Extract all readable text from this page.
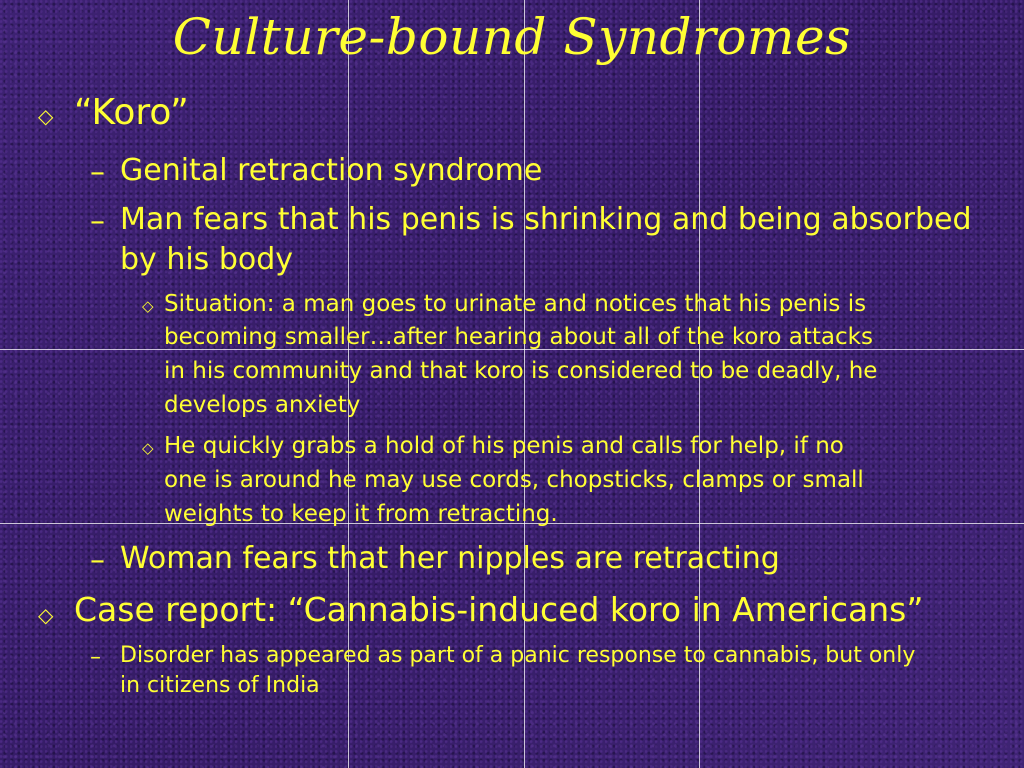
Culture-bound Syndromes
◇ “Koro”
– Genital retraction syndrome
– Man fears that his penis is shrinking and being absorbed
by his body
◇ Situation: a man goes to urinate and notices that his penis is
becoming smaller…after hearing about all of the koro attacks
in his community and that koro is considered to be deadly, he
develops anxiety
◇ He quickly grabs a hold of his penis and calls for help, if no
one is around he may use cords, chopsticks, clamps or small
weights to keep it from retracting.
– Woman fears that her nipples are retracting
◇ Case report: “Cannabis-induced koro in Americans”
– Disorder has appeared as part of a panic response to cannabis, but only
in citizens of India
